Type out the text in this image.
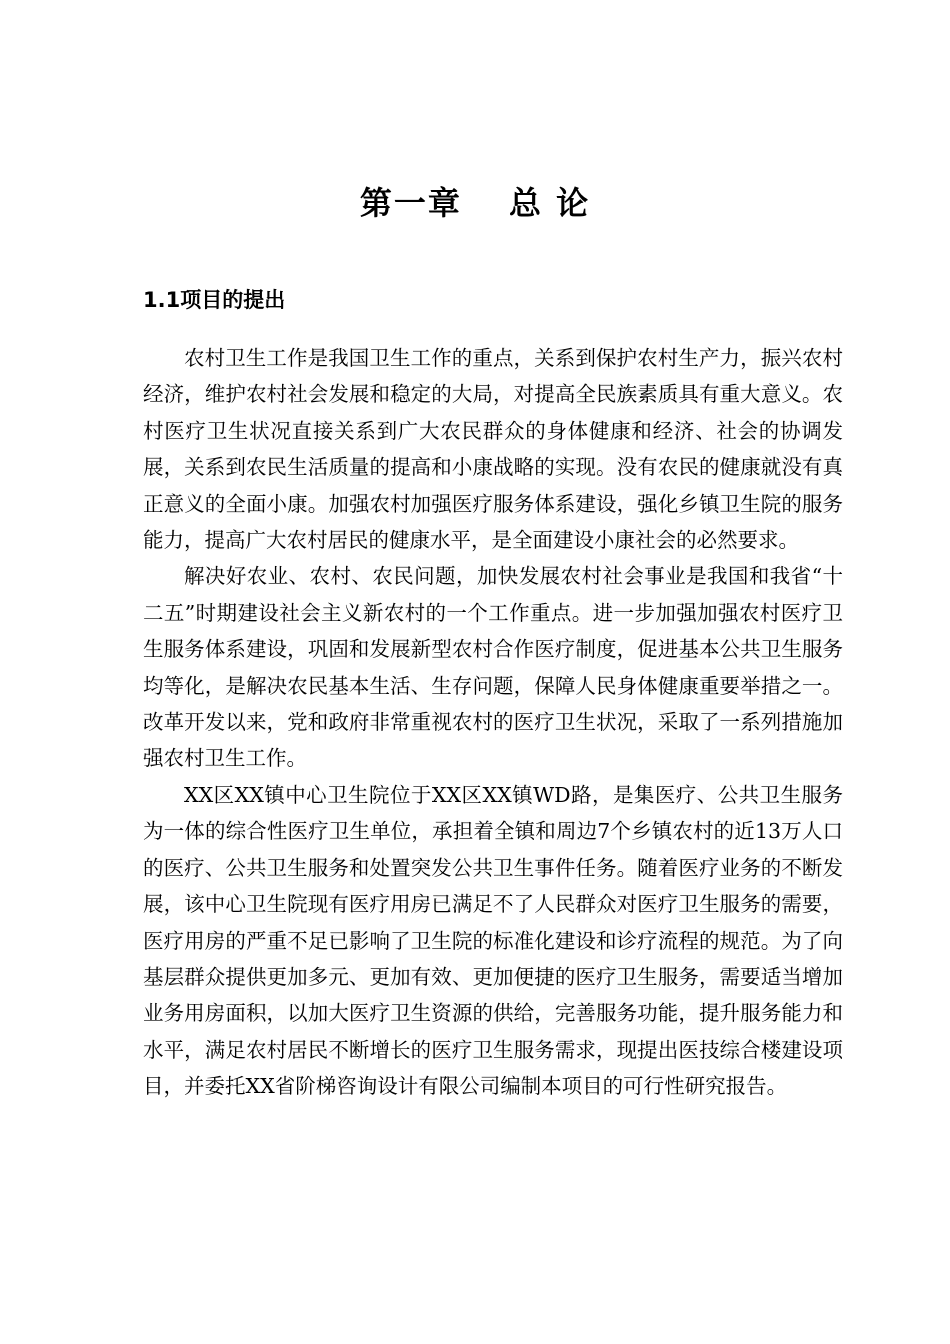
第一章　 总 论
1.1项目的提出

农村卫生工作是我国卫生工作的重点，关系到保护农村生产力，振兴农村经济，维护农村社会发展和稳定的大局，对提高全民族素质具有重大意义。农村医疗卫生状况直接关系到广大农民群众的身体健康和经济、社会的协调发展，关系到农民生活质量的提高和小康战略的实现。没有农民的健康就没有真正意义的全面小康。加强农村加强医疗服务体系建设，强化乡镇卫生院的服务能力，提高广大农村居民的健康水平，是全面建设小康社会的必然要求。

解决好农业、农村、农民问题，加快发展农村社会事业是我国和我省“十二五”时期建设社会主义新农村的一个工作重点。进一步加强加强农村医疗卫生服务体系建设，巩固和发展新型农村合作医疗制度，促进基本公共卫生服务均等化，是解决农民基本生活、生存问题，保障人民身体健康重要举措之一。改革开发以来，党和政府非常重视农村的医疗卫生状况，采取了一系列措施加强农村卫生工作。

XX区XX镇中心卫生院位于XX区XX镇WD路，是集医疗、公共卫生服务为一体的综合性医疗卫生单位，承担着全镇和周边7个乡镇农村的近13万人口的医疗、公共卫生服务和处置突发公共卫生事件任务。随着医疗业务的不断发展，该中心卫生院现有医疗用房已满足不了人民群众对医疗卫生服务的需要，医疗用房的严重不足已影响了卫生院的标准化建设和诊疗流程的规范。为了向基层群众提供更加多元、更加有效、更加便捷的医疗卫生服务，需要适当增加业务用房面积，以加大医疗卫生资源的供给，完善服务功能，提升服务能力和水平，满足农村居民不断增长的医疗卫生服务需求，现提出医技综合楼建设项目，并委托XX省阶梯咨询设计有限公司编制本项目的可行性研究报告。
